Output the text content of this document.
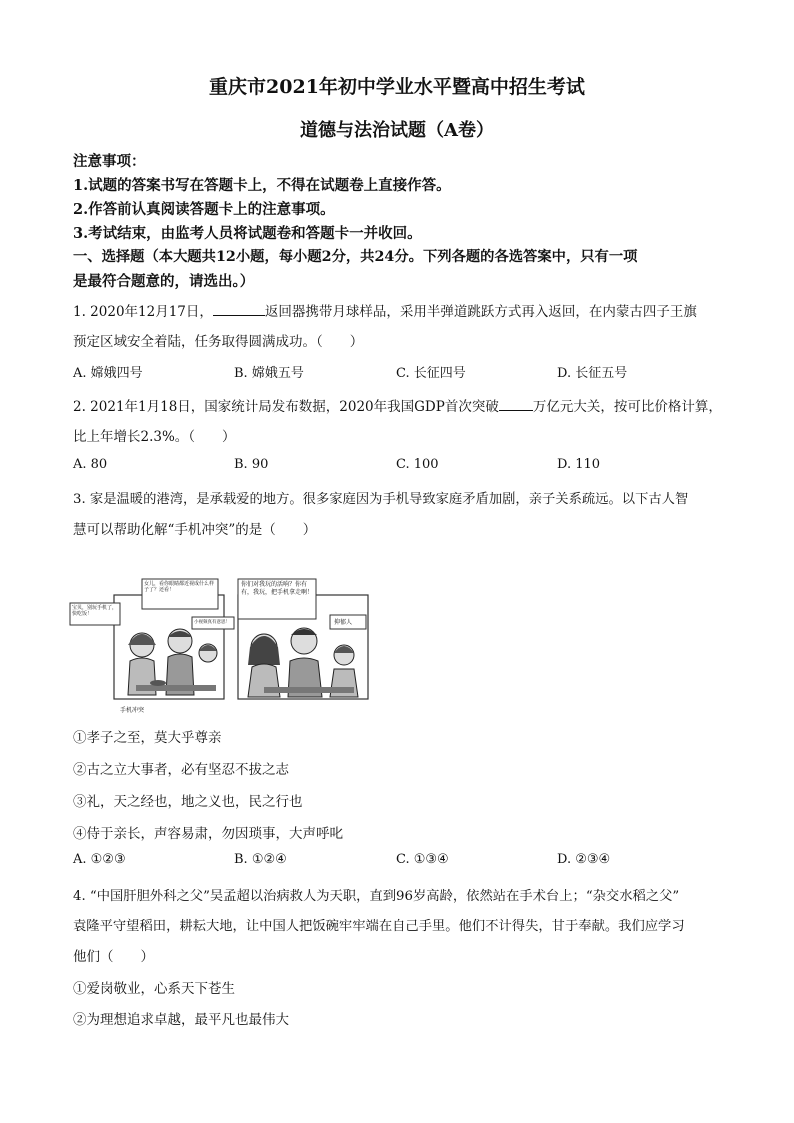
重庆市2021年初中学业水平暨高中招生考试
道德与法治试题（A卷）
注意事项：
1.试题的答案书写在答题卡上，不得在试题卷上直接作答。
2.作答前认真阅读答题卡上的注意事项。
3.考试结束，由监考人员将试题卷和答题卡一并收回。
一、选择题（本大题共12小题，每小题2分，共24分。下列各题的各选答案中，只有一项
是最符合题意的，请选出。）
1. 2020年12月17日，	返回器携带月球样品，采用半弹道跳跃方式再入返回，在内蒙古四子王旗
预定区域安全着陆，任务取得圆满成功。（　　）
A. 嫦娥四号	B. 嫦娥五号	C. 长征四号	D. 长征五号
2. 2021年1月18日，国家统计局发布数据，2020年我国GDP首次突破	万亿元大关，按可比价格计算，
比上年增长2.3%。（　　）
A. 80	B. 90	C. 100	D. 110
3. 家是温暖的港湾，是承载爱的地方。很多家庭因为手机导致家庭矛盾加剧，亲子关系疏远。以下古人智
慧可以帮助化解“手机冲突”的是（　　）
宝贝，别玩手机了，快吃饭！
女儿，看你眼睛都近视成什么样子了？还看！
小视频真有意思！
你们对我玩的活响？你有有，我玩，把手机拿走啊！
抑郁人
手机冲突
①孝子之至，莫大乎尊亲
②古之立大事者，必有坚忍不拔之志
③礼，天之经也，地之义也，民之行也
④侍于亲长，声容易肃，勿因琐事，大声呼叱
A. ①②③	B. ①②④	C. ①③④	D. ②③④
4. “中国肝胆外科之父”吴孟超以治病救人为天职，直到96岁高龄，依然站在手术台上；“杂交水稻之父”
袁隆平守望稻田，耕耘大地，让中国人把饭碗牢牢端在自己手里。他们不计得失，甘于奉献。我们应学习
他们（　　）
①爱岗敬业，心系天下苍生
②为理想追求卓越，最平凡也最伟大
